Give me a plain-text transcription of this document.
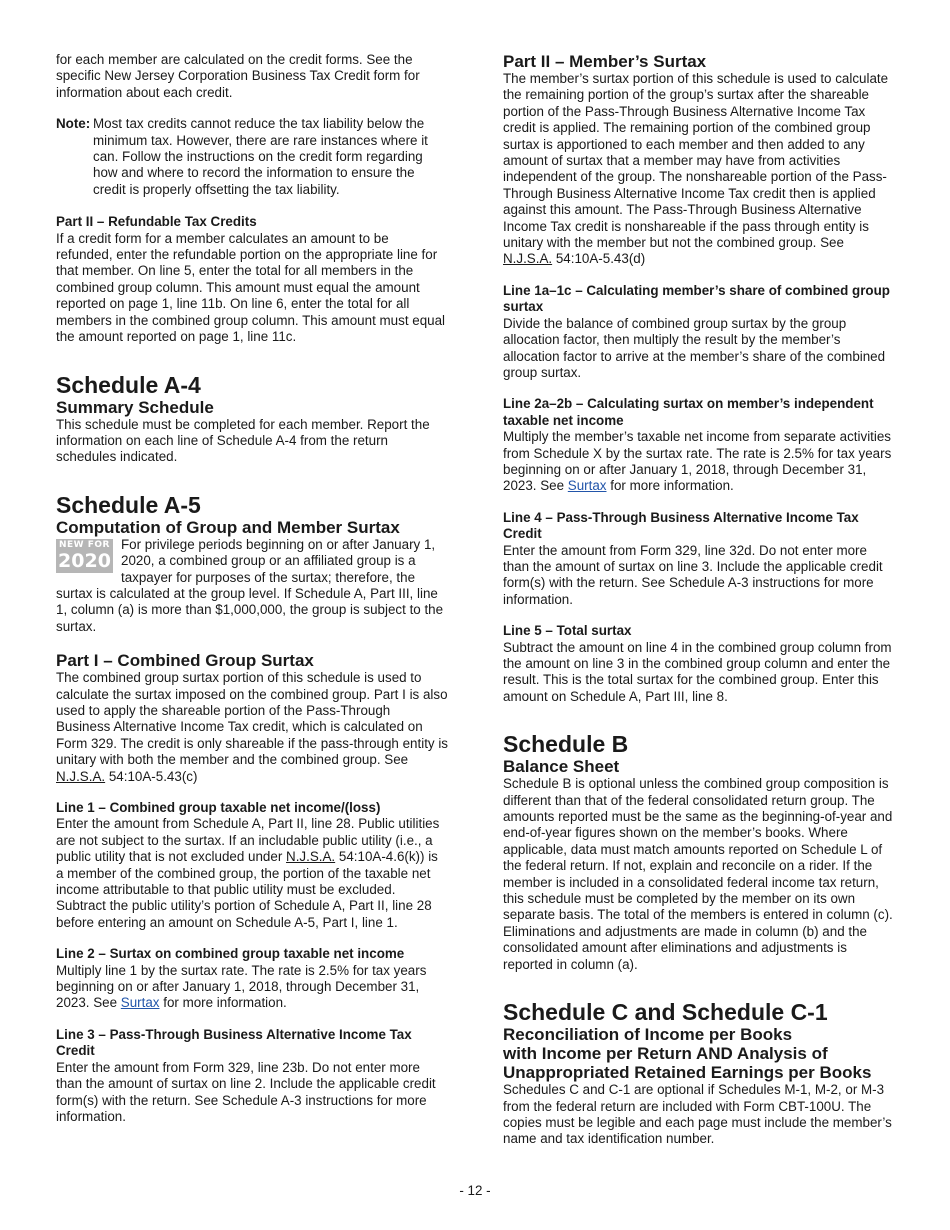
for each member are calculated on the credit forms. See the specific New Jersey Corporation Business Tax Credit form for information about each credit.

Note: Most tax credits cannot reduce the tax liability below the minimum tax. However, there are rare instances where it can. Follow the instructions on the credit form regarding how and where to record the information to ensure the credit is properly offsetting the tax liability.
Part II – Refundable Tax Credits

If a credit form for a member calculates an amount to be refunded, enter the refundable portion on the appropriate line for that member. On line 5, enter the total for all members in the combined group column. This amount must equal the amount reported on page 1, line 11b. On line 6, enter the total for all members in the combined group column. This amount must equal the amount reported on page 1, line 11c.

Schedule A-4
Summary Schedule

This schedule must be completed for each member. Report the information on each line of Schedule A-4 from the return schedules indicated.

Schedule A-5
Computation of Group and Member Surtax
NEW FOR
2020

For privilege periods beginning on or after January 1, 2020, a combined group or an affiliated group is a taxpayer for purposes of the surtax; therefore, the surtax is calculated at the group level. If Schedule A, Part III, line 1, column (a) is more than $1,000,000, the group is subject to the surtax.

Part I – Combined Group Surtax

The combined group surtax portion of this schedule is used to calculate the surtax imposed on the combined group. Part I is also used to apply the shareable portion of the Pass-Through Business Alternative Income Tax credit, which is calculated on Form 329. The credit is only shareable if the pass-through entity is unitary with both the member and the combined group. See N.J.S.A. 54:10A-5.43(c)

Line 1 – Combined group taxable net income/(loss)

Enter the amount from Schedule A, Part II, line 28. Public utilities are not subject to the surtax. If an includable public utility (i.e., a public utility that is not excluded under N.J.S.A. 54:10A-4.6(k)) is a member of the combined group, the portion of the taxable net income attributable to that public utility must be excluded. Subtract the public utility’s portion of Schedule A, Part II, line 28 before entering an amount on Schedule A-5, Part I, line 1.

Line 2 – Surtax on combined group taxable net income

Multiply line 1 by the surtax rate. The rate is 2.5% for tax years beginning on or after January 1, 2018, through December 31, 2023. See Surtax for more information.

Line 3 – Pass-Through Business Alternative Income Tax Credit

Enter the amount from Form 329, line 23b. Do not enter more than the amount of surtax on line 2. Include the applicable credit form(s) with the return. See Schedule A-3 instructions for more information.

Part II – Member’s Surtax

The member’s surtax portion of this schedule is used to calculate the remaining portion of the group’s surtax after the shareable portion of the Pass-Through Business Alternative Income Tax credit is applied. The remaining portion of the combined group surtax is apportioned to each member and then added to any amount of surtax that a member may have from activities independent of the group. The nonshareable portion of the Pass-Through Business Alternative Income Tax credit then is applied against this amount. The Pass-Through Business Alternative Income Tax credit is nonshareable if the pass through entity is unitary with the member but not the combined group. See N.J.S.A. 54:10A-5.43(d)

Line 1a–1c – Calculating member’s share of combined group surtax

Divide the balance of combined group surtax by the group allocation factor, then multiply the result by the member’s allocation factor to arrive at the member’s share of the combined group surtax.

Line 2a–2b – Calculating surtax on member’s independent taxable net income

Multiply the member’s taxable net income from separate activities from Schedule X by the surtax rate. The rate is 2.5% for tax years beginning on or after January 1, 2018, through December 31, 2023. See Surtax for more information.

Line 4 – Pass-Through Business Alternative Income Tax Credit

Enter the amount from Form 329, line 32d. Do not enter more than the amount of surtax on line 3. Include the applicable credit form(s) with the return. See Schedule A-3 instructions for more information.

Line 5 – Total surtax

Subtract the amount on line 4 in the combined group column from the amount on line 3 in the combined group column and enter the result. This is the total surtax for the combined group. Enter this amount on Schedule A, Part III, line 8.

Schedule B
Balance Sheet

Schedule B is optional unless the combined group composition is different than that of the federal consolidated return group. The amounts reported must be the same as the beginning-of-year and end-of-year figures shown on the member’s books. Where applicable, data must match amounts reported on Schedule L of the federal return. If not, explain and reconcile on a rider. If the member is included in a consolidated federal income tax return, this schedule must be completed by the member on its own separate basis. The total of the members is entered in column (c). Eliminations and adjustments are made in column (b) and the consolidated amount after eliminations and adjustments is reported in column (a).

Schedule C and Schedule C-1
Reconciliation of Income per Books
with Income per Return AND Analysis of
Unappropriated Retained Earnings per Books

Schedules C and C-1 are optional if Schedules M-1, M-2, or M-3 from the federal return are included with Form CBT-100U. The copies must be legible and each page must include the member’s name and tax identification number.

- 12 -
